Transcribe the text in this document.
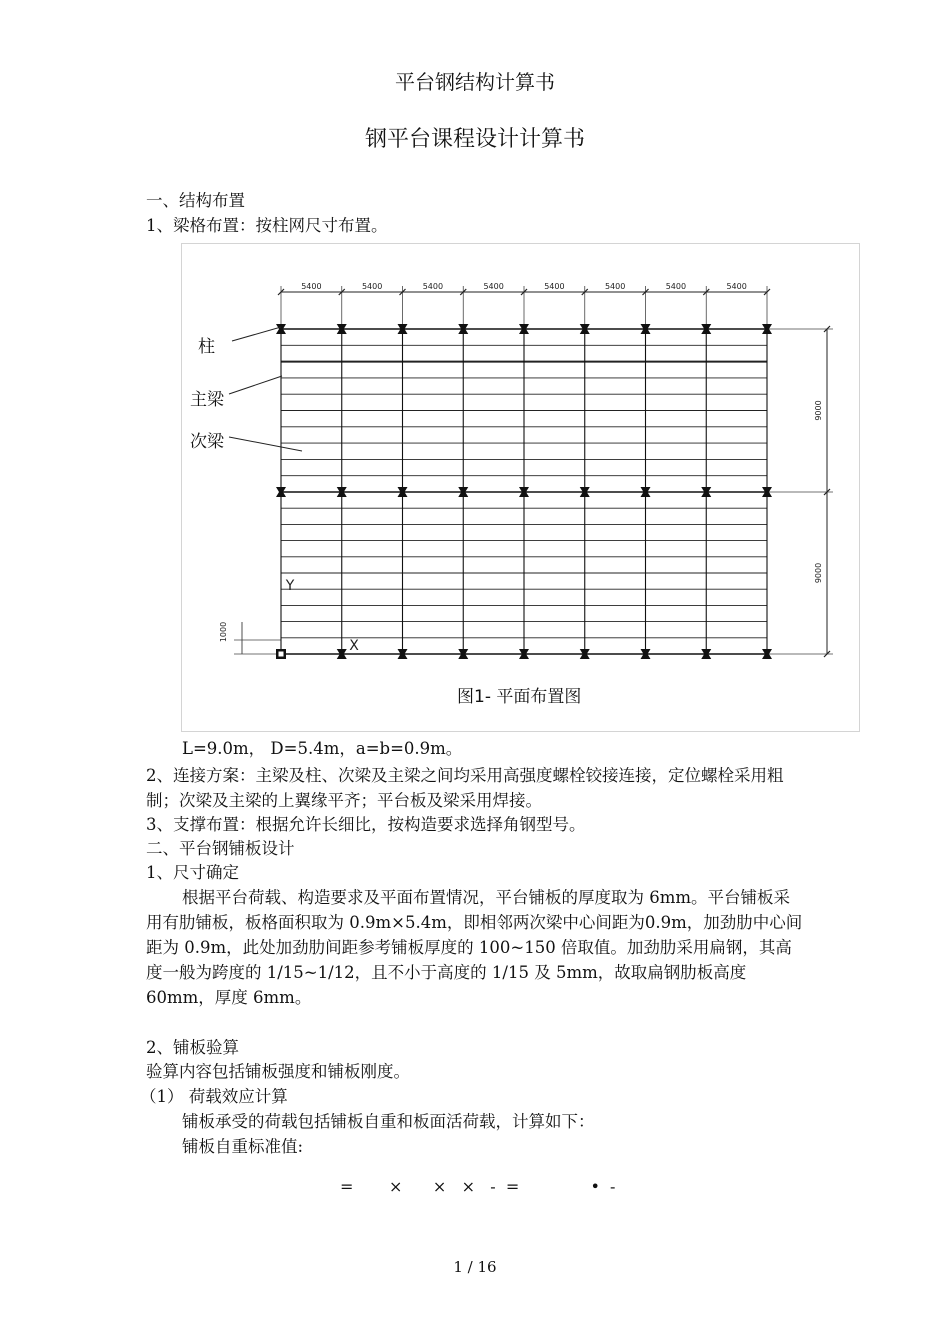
平台钢结构计算书
钢平台课程设计计算书
一、结构布置
1、梁格布置：按柱网尺寸布置。
5400	5400	5400	5400	5400	5400	5400	5400
9000
9000
1000
Y
X
柱
主梁
次梁
图1- 平面布置图
L=9.0m， D=5.4m，a=b=0.9m。
2、连接方案：主梁及柱、次梁及主梁之间均采用高强度螺栓铰接连接，定位螺栓采用粗制；次梁及主梁的上翼缘平齐；平台板及梁采用焊接。
3、支撑布置：根据允许长细比，按构造要求选择角钢型号。
二、平台钢铺板设计
1、尺寸确定
根据平台荷载、构造要求及平面布置情况，平台铺板的厚度取为 6mm。平台铺板采用有肋铺板，板格面积取为 0.9m×5.4m，即相邻两次梁中心间距为0.9m，加劲肋中心间距为 0.9m，此处加劲肋间距参考铺板厚度的 100~150 倍取值。加劲肋采用扁钢，其高度一般为跨度的 1/15~1/12，且不小于高度的 1/15 及 5mm，故取扁钢肋板高度 60mm，厚度 6mm。
2、铺板验算
验算内容包括铺板强度和铺板刚度。
（1） 荷载效应计算
铺板承受的荷载包括铺板自重和板面活荷载，计算如下：
铺板自重标准值:
=       ×      ×   ×   -  =              •  -
1 / 16
